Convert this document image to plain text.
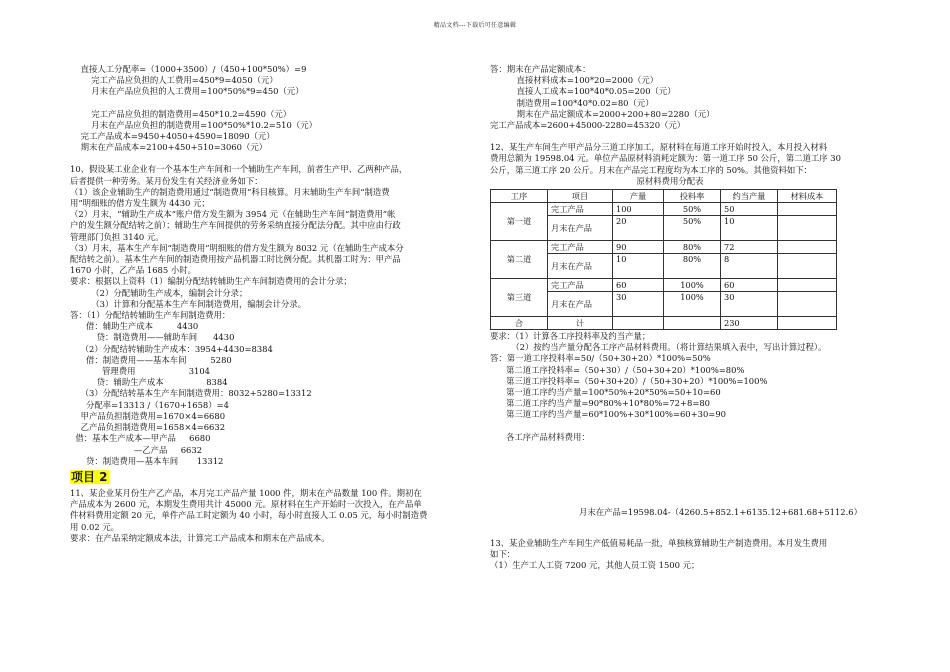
精品文档---下载后可任意编辑
直接人工分配率=（1000+3500）/（450+100*50%）=9
完工产品应负担的人工费用=450*9=4050（元）
月末在产品应负担的人工费用=100*50%*9=450（元）
完工产品应负担的制造费用=450*10.2=4590（元）
月末在产品应负担的制造费用=100*50%*10.2=510（元）
完工产品成本=9450+4050+4590=18090（元）
期末在产品成本=2100+450+510=3060（元）
10、假设某工业企业有一个基本生产车间和一个辅助生产车间，前者生产甲、乙两种产品，
后者提供一种劳务。某月份发生有关经济业务如下：
（1）该企业辅助生产的制造费用通过“制造费用”科目核算。月末辅助生产车间“制造费
用”明细账的借方发生额为 4430 元；
（2）月末，“辅助生产成本”账户借方发生额为 3954 元（在辅助生产车间“制造费用”帐
户的发生额分配结转之前）；辅助生产车间提供的劳务采纳直接分配法分配。其中应由行政
管理部门负担 3140 元。
（3）月末，基本生产车间“制造费用”明细账的借方发生额为 8032 元（在辅助生产成本分
配结转之前）。基本生产车间的制造费用按产品机器工时比例分配。其机器工时为：甲产品
1670 小时，乙产品 1685 小时。
要求：根据以上资料（1）编制分配结转辅助生产车间制造费用的会计分录；
（2）分配辅助生产成本，编制会计分录；
（3）计算和分配基本生产车间制造费用，编制会计分录。
答：（1）分配结转辅助生产车间制造费用：
借：辅助生产成本         4430
贷：制造费用——辅助车间      4430
（2）分配结转辅助生产成本：3954+4430=8384
借：制造费用——基本车间         5280
管理费用                    3104
贷：辅助生产成本                8384
（3）分配结转基本生产车间制造费用：8032+5280=13312
分配率=13313 /（1670+1658）=4
甲产品负担制造费用=1670×4=6680
乙产品负担制造费用=1658×4=6632
借：基本生产成本—甲产品     6680
—乙产品     6632
贷：制造费用—基本车间       13312
项目 2
11、某企业某月份生产乙产品，本月完工产品产量 1000 件，期末在产品数量 100 件。期初在
产品成本为 2600 元，本期发生费用共计 45000 元。原材料在生产开始时一次投入，在产品单
件材料费用定额 20 元，单件产品工时定额为 40 小时，每小时直接人工 0.05 元，每小时制造费
用 0.02 元。
要求：在产品采纳定额成本法，计算完工产品成本和期末在产品成本。
答：期末在产品定额成本：
直接材料成本=100*20=2000（元）
直接人工成本=100*40*0.05=200（元）
制造费用=100*40*0.02=80（元）
期末在产品定额成本=2000+200+80=2280（元）
完工产品成本=2600+45000-2280=45320（元）
12、某生产车间生产甲产品分三道工序加工，原材料在每道工序开始时投入，本月投入材料
费用总额为 19598.04 元。单位产品原材料消耗定额为：第一道工序 50 公斤，第二道工序 30
公斤，第三道工序 20 公斤。月末在产品完工程度均为本工序的 50%。其他资料如下：
原材料费用分配表
工序	项目	产量	投料率	约当产量	材料成本
第一道	完工产品	100	50%	50	
	月末在产品	20	50%	10	
第二道	完工产品	90	80%	72	
	月末在产品	10	80%	8	
第三道	完工产品	60	100%	60	
	月末在产品	30	100%	30	
合	计			230	
要求：（1）计算各工序投料率及约当产量；
（2）按约当产量分配各工序产品材料费用。（将计算结果填入表中，写出计算过程）。
答：第一道工序投料率=50/（50+30+20）*100%=50%
第二道工序投料率=（50+30）/（50+30+20）*100%=80%
第三道工序投料率=（50+30+20）/（50+30+20）*100%=100%
第一道工序约当产量=100*50%+20*50%=50+10=60
第二道工序约当产量=90*80%+10*80%=72+8=80
第三道工序约当产量=60*100%+30*100%=60+30=90
各工序产品材料费用：
月末在产品=19598.04-（4260.5+852.1+6135.12+681.68+5112.6）
13、某企业辅助生产车间生产低值易耗品一批，单独核算辅助生产制造费用。本月发生费用
如下：
（1）生产工人工资 7200 元，其他人员工资 1500 元；
